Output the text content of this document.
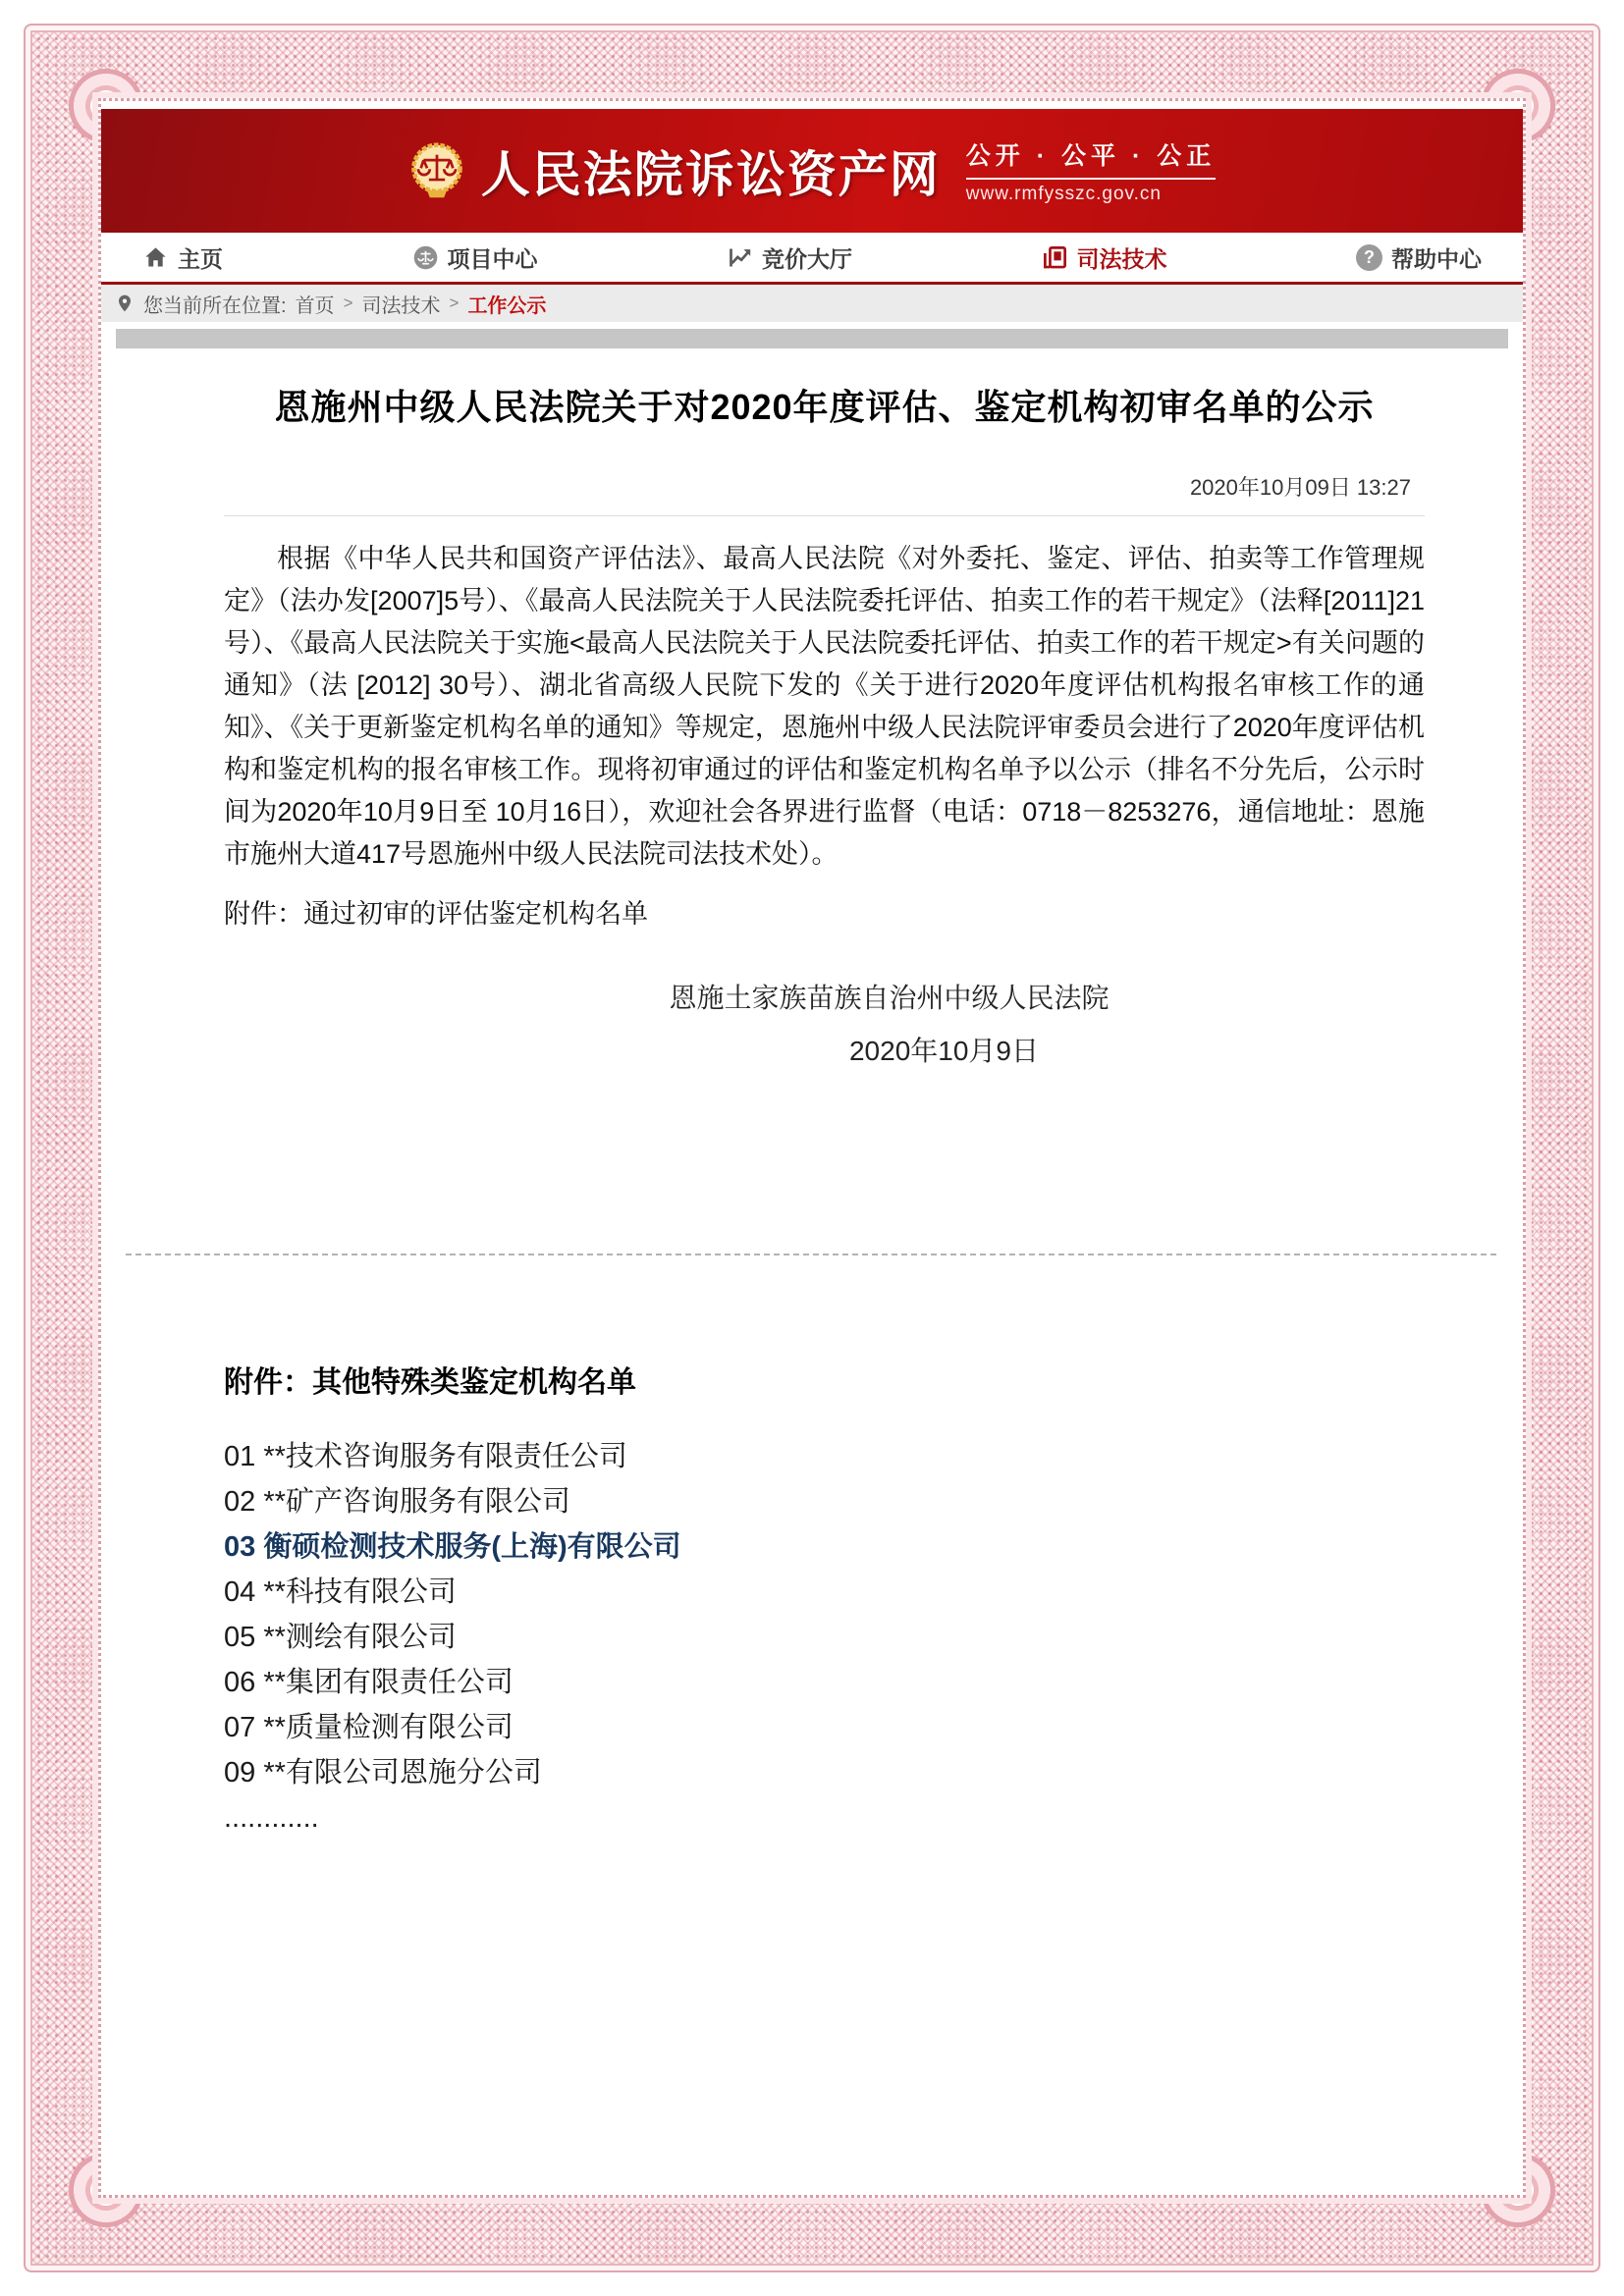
人民法院诉讼资产网 公开 · 公平 · 公正
www.rmfysszc.gov.cn
主页	项目中心	竞价大厅	司法技术 ?	帮助中心
您当前所在位置: 首页 > 司法技术 > 工作公示
恩施州中级人民法院关于对2020年度评估、鉴定机构初审名单的公示
2020年10月09日 13:27

根据《中华人民共和国资产评估法》、最高人民法院《对外委托、鉴定、评估、拍卖等工作管理规定》（法办发[2007]5号）、《最高人民法院关于人民法院委托评估、拍卖工作的若干规定》（法释[2011]21号）、《最高人民法院关于实施<最高人民法院关于人民法院委托评估、拍卖工作的若干规定>有关问题的通知》（法 [2012] 30号）、湖北省高级人民院下发的《关于进行2020年度评估机构报名审核工作的通知》、《关于更新鉴定机构名单的通知》等规定，恩施州中级人民法院评审委员会进行了2020年度评估机构和鉴定机构的报名审核工作。现将初审通过的评估和鉴定机构名单予以公示（排名不分先后，公示时间为2020年10月9日至 10月16日），欢迎社会各界进行监督（电话：0718－8253276，通信地址：恩施市施州大道417号恩施州中级人民法院司法技术处）。

附件：通过初审的评估鉴定机构名单

恩施土家族苗族自治州中级人民法院
2020年10月9日
附件：其他特殊类鉴定机构名单
01 **技术咨询服务有限责任公司
02 **矿产咨询服务有限公司
03 衡硕检测技术服务(上海)有限公司
04 **科技有限公司
05 **测绘有限公司
06 **集团有限责任公司
07 **质量检测有限公司
09 **有限公司恩施分公司
............
